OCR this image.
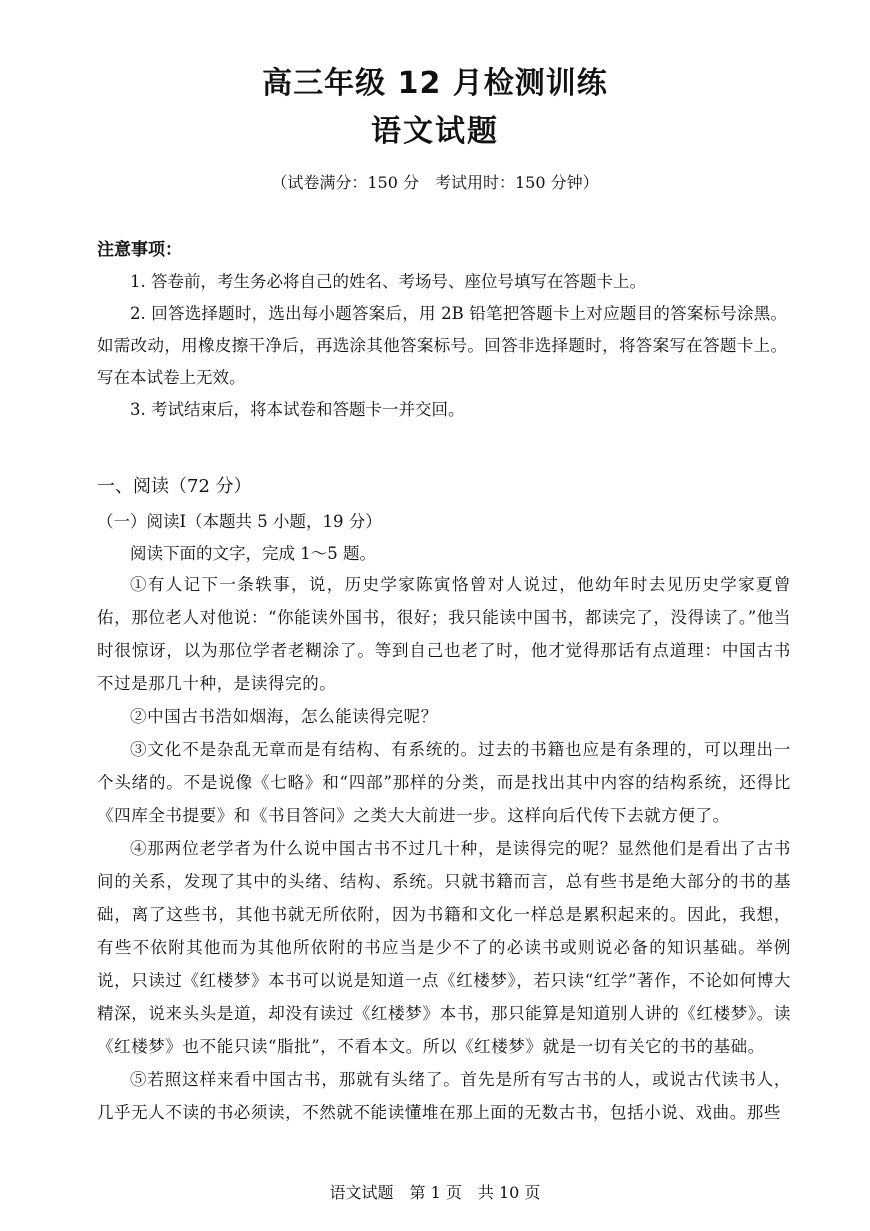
高三年级 12 月检测训练
语文试题
（试卷满分：150 分　考试用时：150 分钟）
注意事项：

1. 答卷前，考生务必将自己的姓名、考场号、座位号填写在答题卡上。

2. 回答选择题时，选出每小题答案后，用 2B 铅笔把答题卡上对应题目的答案标号涂黑。如需改动，用橡皮擦干净后，再选涂其他答案标号。回答非选择题时，将答案写在答题卡上。写在本试卷上无效。

3. 考试结束后，将本试卷和答题卡一并交回。

一、阅读（72 分）
（一）阅读Ⅰ（本题共 5 小题，19 分）
阅读下面的文字，完成 1～5 题。

①有人记下一条轶事，说，历史学家陈寅恪曾对人说过，他幼年时去见历史学家夏曾佑，那位老人对他说：“你能读外国书，很好；我只能读中国书，都读完了，没得读了。”他当时很惊讶，以为那位学者老糊涂了。等到自己也老了时，他才觉得那话有点道理：中国古书不过是那几十种，是读得完的。

②中国古书浩如烟海，怎么能读得完呢？

③文化不是杂乱无章而是有结构、有系统的。过去的书籍也应是有条理的，可以理出一个头绪的。不是说像《七略》和“四部”那样的分类，而是找出其中内容的结构系统，还得比《四库全书提要》和《书目答问》之类大大前进一步。这样向后代传下去就方便了。

④那两位老学者为什么说中国古书不过几十种，是读得完的呢？显然他们是看出了古书间的关系，发现了其中的头绪、结构、系统。只就书籍而言，总有些书是绝大部分的书的基础，离了这些书，其他书就无所依附，因为书籍和文化一样总是累积起来的。因此，我想，有些不依附其他而为其他所依附的书应当是少不了的必读书或则说必备的知识基础。举例说，只读过《红楼梦》本书可以说是知道一点《红楼梦》，若只读“红学”著作，不论如何博大精深，说来头头是道，却没有读过《红楼梦》本书，那只能算是知道别人讲的《红楼梦》。读《红楼梦》也不能只读“脂批”，不看本文。所以《红楼梦》就是一切有关它的书的基础。

⑤若照这样来看中国古书，那就有头绪了。首先是所有写古书的人，或说古代读书人，几乎无人不读的书必须读，不然就不能读懂堆在那上面的无数古书，包括小说、戏曲。那些

语文试题　第 1 页　共 10 页
